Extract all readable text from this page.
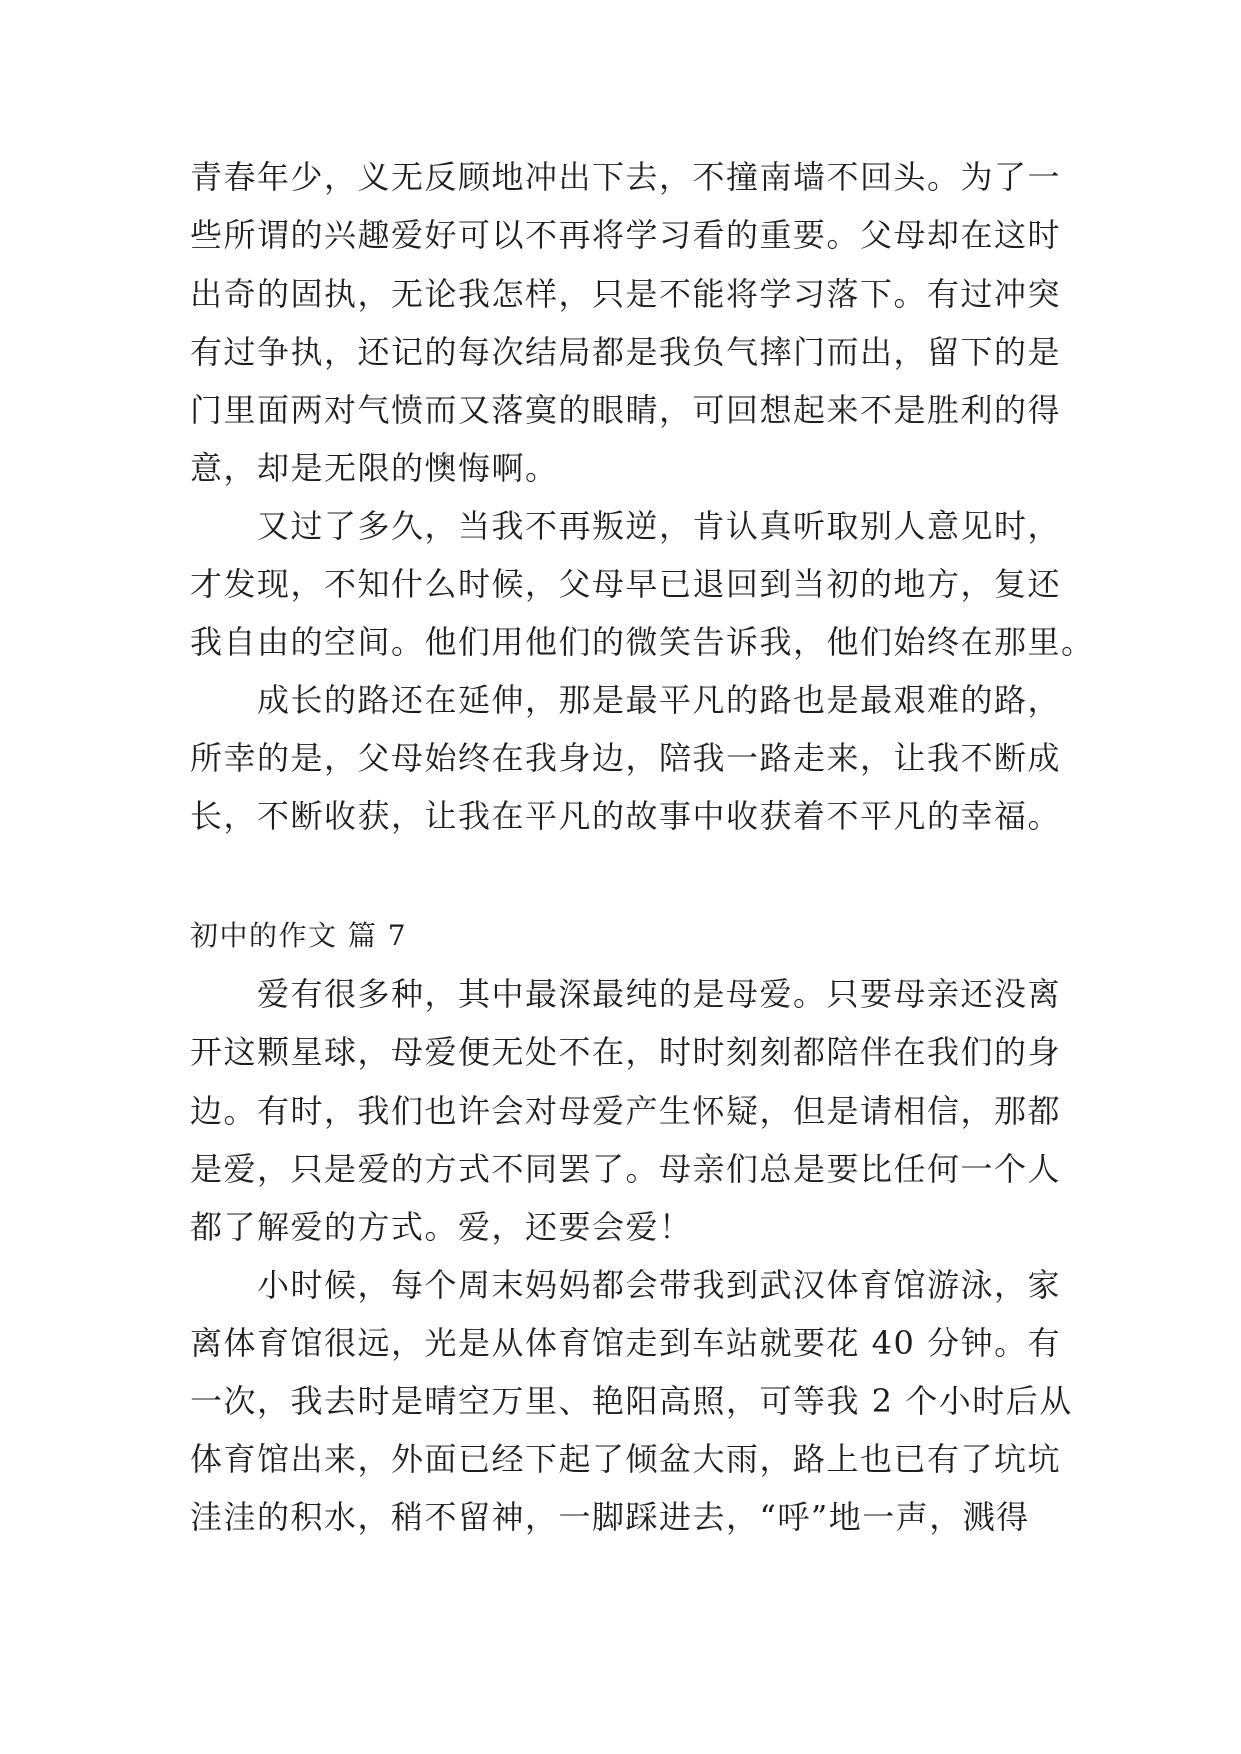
青春年少，义无反顾地冲出下去，不撞南墙不回头。为了一
些所谓的兴趣爱好可以不再将学习看的重要。父母却在这时
出奇的固执，无论我怎样，只是不能将学习落下。有过冲突
有过争执，还记的每次结局都是我负气摔门而出，留下的是
门里面两对气愤而又落寞的眼睛，可回想起来不是胜利的得
意，却是无限的懊悔啊。
　　又过了多久，当我不再叛逆，肯认真听取别人意见时，
才发现，不知什么时候，父母早已退回到当初的地方，复还
我自由的空间。他们用他们的微笑告诉我，他们始终在那里。
　　成长的路还在延伸，那是最平凡的路也是最艰难的路，
所幸的是，父母始终在我身边，陪我一路走来，让我不断成
长，不断收获，让我在平凡的故事中收获着不平凡的幸福。
初中的作文 篇 7
　　爱有很多种，其中最深最纯的是母爱。只要母亲还没离
开这颗星球，母爱便无处不在，时时刻刻都陪伴在我们的身
边。有时，我们也许会对母爱产生怀疑，但是请相信，那都
是爱，只是爱的方式不同罢了。母亲们总是要比任何一个人
都了解爱的方式。爱，还要会爱！
　　小时候，每个周末妈妈都会带我到武汉体育馆游泳，家
离体育馆很远，光是从体育馆走到车站就要花 40 分钟。有
一次，我去时是晴空万里、艳阳高照，可等我 2 个小时后从
体育馆出来，外面已经下起了倾盆大雨，路上也已有了坑坑
洼洼的积水，稍不留神，一脚踩进去，“呼”地一声，溅得
